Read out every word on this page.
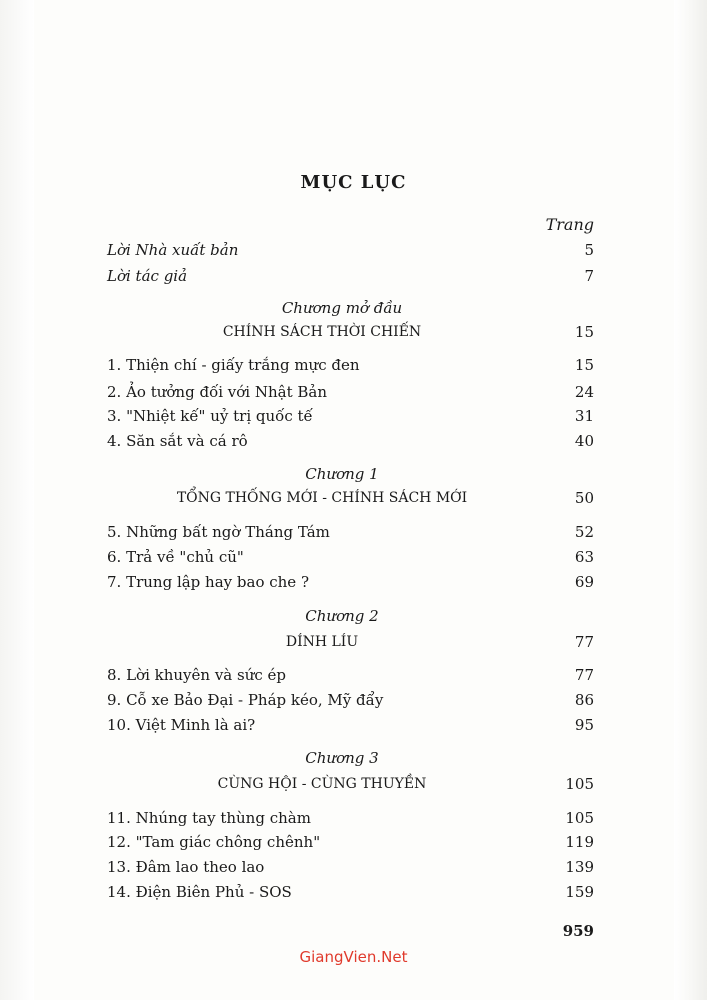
MỤC LỤC
Trang
Lời Nhà xuất bản	5
Lời tác giả	7
Chương mở đầu
CHÍNH SÁCH THỜI CHIẾN	15
1. Thiện chí - giấy trắng mực đen	15
2. Ảo tưởng đối với Nhật Bản	24
3. "Nhiệt kế" uỷ trị quốc tế	31
4. Săn sắt và cá rô	40
Chương 1
TỔNG THỐNG MỚI - CHÍNH SÁCH MỚI	50
5. Những bất ngờ Tháng Tám	52
6. Trả về "chủ cũ"	63
7. Trung lập hay bao che ?	69
Chương 2
DÍNH LÍU	77
8. Lời khuyên và sức ép	77
9. Cỗ xe Bảo Đại - Pháp kéo, Mỹ đẩy	86
10. Việt Minh là ai?	95
Chương 3
CÙNG HỘI - CÙNG THUYỀN	105
11. Nhúng tay thùng chàm	105
12. "Tam giác chông chênh"	119
13. Đâm lao theo lao	139
14. Điện Biên Phủ - SOS	159
959
GiangVien.Net
